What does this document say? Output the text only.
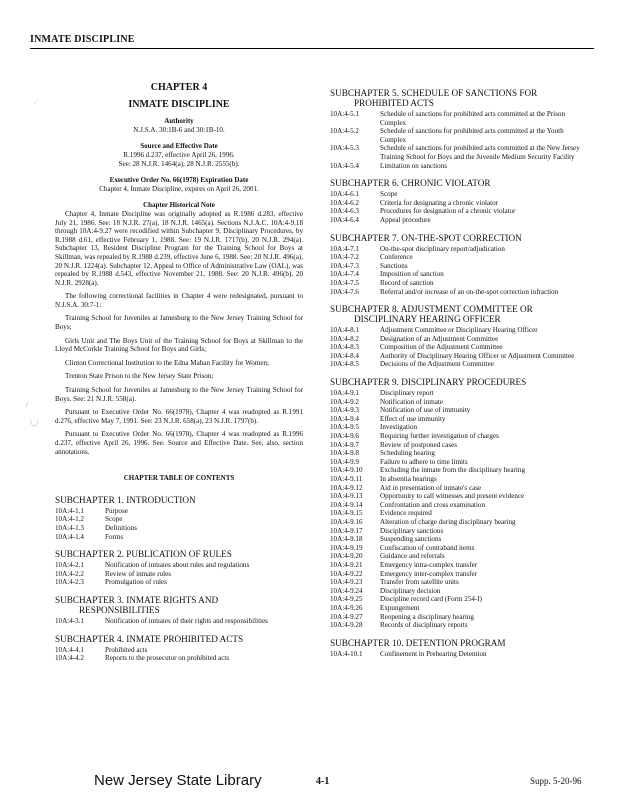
INMATE DISCIPLINE
CHAPTER 4
INMATE DISCIPLINE
Authority
N.J.S.A. 30:1B-6 and 30:1B-10.
Source and Effective Date
R.1996 d.237, effective April 26, 1996.
See: 28 N.J.R. 1464(a), 28 N.J.R. 2555(b).
Executive Order No. 66(1978) Expiration Date
Chapter 4, Inmate Discipline, expires on April 26, 2001.
Chapter Historical Note

Chapter 4, Inmate Discipline was originally adopted as R.1986 d.283, effective July 21, 1986. See: 18 N.J.R. 27(a), 18 N.J.R. 1465(a). Sections N.J.A.C. 10A:4-9.18 through 10A:4-9.27 were recodified within Subchapter 9, Disciplinary Procedures, by R.1988 d.61, effective February 1, 1988. See: 19 N.J.R. 1717(b), 20 N.J.R. 294(a). Subchapter 13, Resident Discipline Program for the Training School for Boys at Skillman, was repealed by R.1988 d.239, effective June 6, 1988. See: 20 N.J.R. 496(a), 20 N.J.R. 1224(a). Subchapter 12, Appeal to Office of Administrative Law (OAL), was repealed by R.1988 d.543, effective November 21, 1988. See: 20 N.J.R. 496(b), 20 N.J.R. 2928(a).

The following correctional facilities in Chapter 4 were redesignated, pursuant to N.J.S.A. 30:7-1:

Training School for Juveniles at Jamesburg to the New Jersey Training School for Boys;

Girls Unit and The Boys Unit of the Training School for Boys at Skillman to the Lloyd McCorkle Training School for Boys and Girls;

Clinton Correctional Institution to the Edna Mahan Facility for Women;

Trenton State Prison to the New Jersey State Prison;

Training School for Juveniles at Jamesburg to the New Jersey Training School for Boys. See: 21 N.J.R. 558(a).

Pursuant to Executive Order No. 66(1978), Chapter 4 was readopted as R.1991 d.276, effective May 7, 1991. See: 23 N.J.R. 658(a), 23 N.J.R. 1797(b).

Pursuant to Executive Order No. 66(1978), Chapter 4 was readopted as R.1996 d.237, effective April 26, 1996. See: Source and Effective Date. See, also, section annotations.

CHAPTER TABLE OF CONTENTS
SUBCHAPTER 1. INTRODUCTION
10A:4-1.1	Purpose
10A:4-1.2	Scope
10A:4-1.3	Definitions
10A:4-1.4	Forms
SUBCHAPTER 2. PUBLICATION OF RULES
10A:4-2.1	Notification of inmates about rules and regulations
10A:4-2.2	Review of inmate rules
10A:4-2.3	Promulgation of rules
SUBCHAPTER 3. INMATE RIGHTS AND
RESPONSIBILITIES
10A:4-3.1	Notification of inmates of their rights and responsibilities
SUBCHAPTER 4. INMATE PROHIBITED ACTS
10A:4-4.1	Prohibited acts
10A:4-4.2	Reports to the prosecutor on prohibited acts
SUBCHAPTER 5. SCHEDULE OF SANCTIONS FOR
PROHIBITED ACTS
10A:4-5.1	Schedule of sanctions for prohibited acts committed at the Prison Complex
10A:4-5.2	Schedule of sanctions for prohibited acts committed at the Youth Complex
10A:4-5.3	Schedule of sanctions for prohibited acts committed at the New Jersey Training School for Boys and the Juvenile Medium Security Facility
10A:4-5.4	Limitation on sanctions
SUBCHAPTER 6. CHRONIC VIOLATOR
10A:4-6.1	Scope
10A:4-6.2	Criteria for designating a chronic violator
10A:4-6.3	Procedures for designation of a chronic violator
10A:4-6.4	Appeal procedure
SUBCHAPTER 7. ON-THE-SPOT CORRECTION
10A:4-7.1	On-the-spot disciplinary report/adjudication
10A:4-7.2	Conference
10A:4-7.3	Sanctions
10A:4-7.4	Imposition of sanction
10A:4-7.5	Record of sanction
10A:4-7.6	Referral and/or increase of an on-the-spot correction infraction
SUBCHAPTER 8. ADJUSTMENT COMMITTEE OR
DISCIPLINARY HEARING OFFICER
10A:4-8.1	Adjustment Committee or Disciplinary Hearing Officer
10A:4-8.2	Designation of an Adjustment Committee
10A:4-8.3	Composition of the Adjustment Committee
10A:4-8.4	Authority of Disciplinary Hearing Officer or Adjustment Committee
10A:4-8.5	Decisions of the Adjustment Committee
SUBCHAPTER 9. DISCIPLINARY PROCEDURES
10A:4-9.1	Disciplinary report
10A:4-9.2	Notification of inmate
10A:4-9.3	Notification of use of immunity
10A:4-9.4	Effect of use immunity
10A:4-9.5	Investigation
10A:4-9.6	Requiring further investigation of charges
10A:4-9.7	Review of postponed cases
10A:4-9.8	Scheduling hearing
10A:4-9.9	Failure to adhere to time limits
10A:4-9.10	Excluding the inmate from the disciplinary hearing
10A:4-9.11	In absentia hearings
10A:4-9.12	Aid in presentation of inmate's case
10A:4-9.13	Opportunity to call witnesses and present evidence
10A:4-9.14	Confrontation and cross examination
10A:4-9.15	Evidence required
10A:4-9.16	Alteration of charge during disciplinary hearing
10A:4-9.17	Disciplinary sanctions
10A:4-9.18	Suspending sanctions
10A:4-9.19	Confiscation of contraband items
10A:4-9.20	Guidance and referrals
10A:4-9.21	Emergency intra-complex transfer
10A:4-9.22	Emergency inter-complex transfer
10A:4-9.23	Transfer from satellite units
10A:4-9.24	Disciplinary decision
10A:4-9.25	Discipline record card (Form 254-I)
10A:4-9.26	Expungement
10A:4-9.27	Reopening a disciplinary hearing
10A:4-9.28	Records of disciplinary reports
SUBCHAPTER 10. DETENTION PROGRAM
10A:4-10.1	Confinement in Prehearing Detention
New Jersey State Library	4-1	Supp. 5-20-96
.·
/
\_/
